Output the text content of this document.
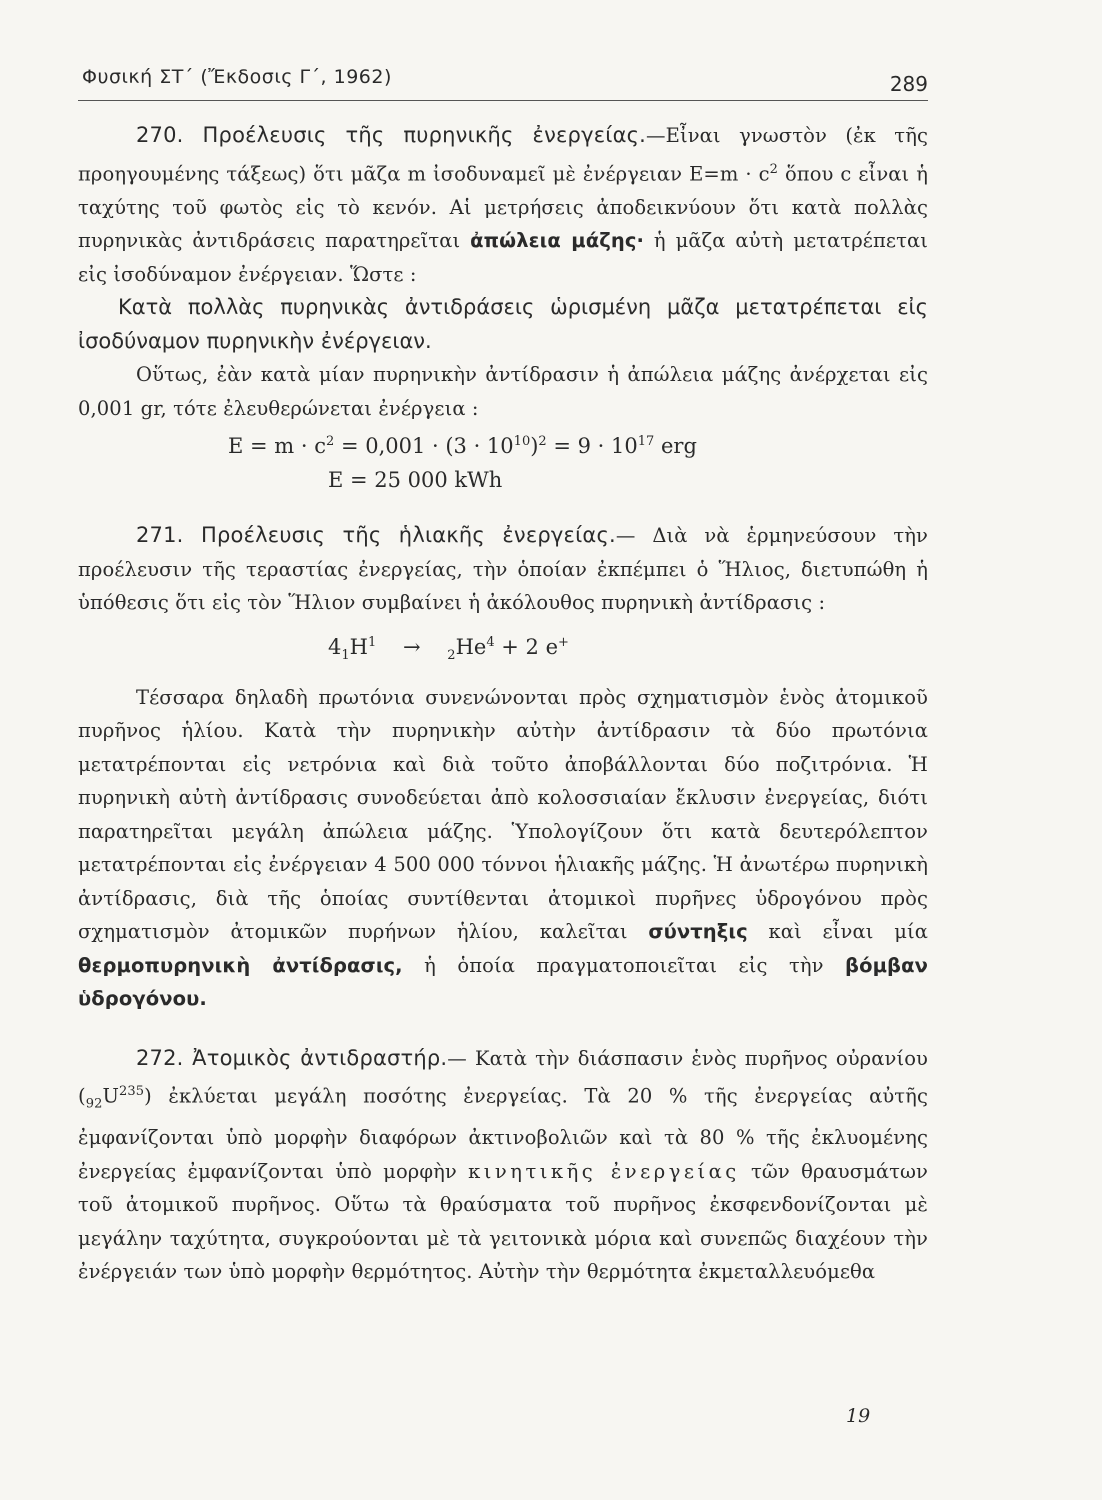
Φυσική ΣΤ΄ (Ἔκδοσις Γ΄, 1962)	289

270. Προέλευσις τῆς πυρηνικῆς ἐνεργείας.—Εἶναι γνωστὸν (ἐκ τῆς προηγουμένης τάξεως) ὅτι μᾶζα m ἰσοδυναμεῖ μὲ ἐνέργειαν $E=m \cdot c^2$ ὅπου c εἶναι ἡ ταχύτης τοῦ φωτὸς εἰς τὸ κενόν. Αἱ μετρήσεις ἀποδεικνύουν ὅτι κατὰ πολλὰς πυρηνικὰς ἀντιδράσεις παρατηρεῖται ἀπώλεια μάζης· ἡ μᾶζα αὐτὴ μετατρέπεται εἰς ἰσοδύναμον ἐνέργειαν. Ὥστε :

Κατὰ πολλὰς πυρηνικὰς ἀντιδράσεις ὡρισμένη μᾶζα μετατρέπεται εἰς ἰσοδύναμον πυρηνικὴν ἐνέργειαν.

Οὕτως, ἐὰν κατὰ μίαν πυρηνικὴν ἀντίδρασιν ἡ ἀπώλεια μάζης ἀνέρχεται εἰς 0,001 gr, τότε ἐλευθερώνεται ἐνέργεια :

$E = m \cdot c^2 = 0,001 \cdot (3 \cdot 10^{10})^2 = 9 \cdot 10^{17}$ erg

E = 25 000 kWh

271. Προέλευσις τῆς ἡλιακῆς ἐνεργείας.— Διὰ νὰ ἑρμηνεύσουν τὴν προέλευσιν τῆς τεραστίας ἐνεργείας, τὴν ὁποίαν ἐκπέμπει ὁ Ἥλιος, διετυπώθη ἡ ὑπόθεσις ὅτι εἰς τὸν Ἥλιον συμβαίνει ἡ ἀκόλουθος πυρηνικὴ ἀντίδρασις :

$4_1H^1 \to _2He^4 + 2$ e+

Τέσσαρα δηλαδὴ πρωτόνια συνενώνονται πρὸς σχηματισμὸν ἑνὸς ἀτομικοῦ πυρῆνος ἡλίου. Κατὰ τὴν πυρηνικὴν αὐτὴν ἀντίδρασιν τὰ δύο πρωτόνια μετατρέπονται εἰς νετρόνια καὶ διὰ τοῦτο ἀποβάλλονται δύο ποζιτρόνια. Ἡ πυρηνικὴ αὐτὴ ἀντίδρασις συνοδεύεται ἀπὸ κολοσσιαίαν ἔκλυσιν ἐνεργείας, διότι παρατηρεῖται μεγάλη ἀπώλεια μάζης. Ὑπολογίζουν ὅτι κατὰ δευτερόλεπτον μετατρέπονται εἰς ἐνέργειαν 4 500 000 τόννοι ἡλιακῆς μάζης. Ἡ ἀνωτέρω πυρηνικὴ ἀντίδρασις, διὰ τῆς ὁποίας συντίθενται ἀτομικοὶ πυρῆνες ὑδρογόνου πρὸς σχηματισμὸν ἀτομικῶν πυρήνων ἡλίου, καλεῖται σύντηξις καὶ εἶναι μία θερμοπυρηνικὴ ἀντίδρασις, ἡ ὁποία πραγματοποιεῖται εἰς τὴν βόμβαν ὑδρογόνου.

272. Ἀτομικὸς ἀντιδραστήρ.— Κατὰ τὴν διάσπασιν ἑνὸς πυρῆνος οὐρανίου $(_{92}U^{235})$ ἐκλύεται μεγάλη ποσότης ἐνεργείας. Τὰ 20 % τῆς ἐνεργείας αὐτῆς ἐμφανίζονται ὑπὸ μορφὴν διαφόρων ἀκτινοβολιῶν καὶ τὰ 80 % τῆς ἐκλυομένης ἐνεργείας ἐμφανίζονται ὑπὸ μορφὴν κινητικῆς ἐνεργείας τῶν θραυσμάτων τοῦ ἀτομικοῦ πυρῆνος. Οὕτω τὰ θραύσματα τοῦ πυρῆνος ἐκσφενδονίζονται μὲ μεγάλην ταχύτητα, συγκρούονται μὲ τὰ γειτονικὰ μόρια καὶ συνεπῶς διαχέουν τὴν ἐνέργειάν των ὑπὸ μορφὴν θερμότητος. Αὐτὴν τὴν θερμότητα ἐκμεταλλευόμεθα

19
